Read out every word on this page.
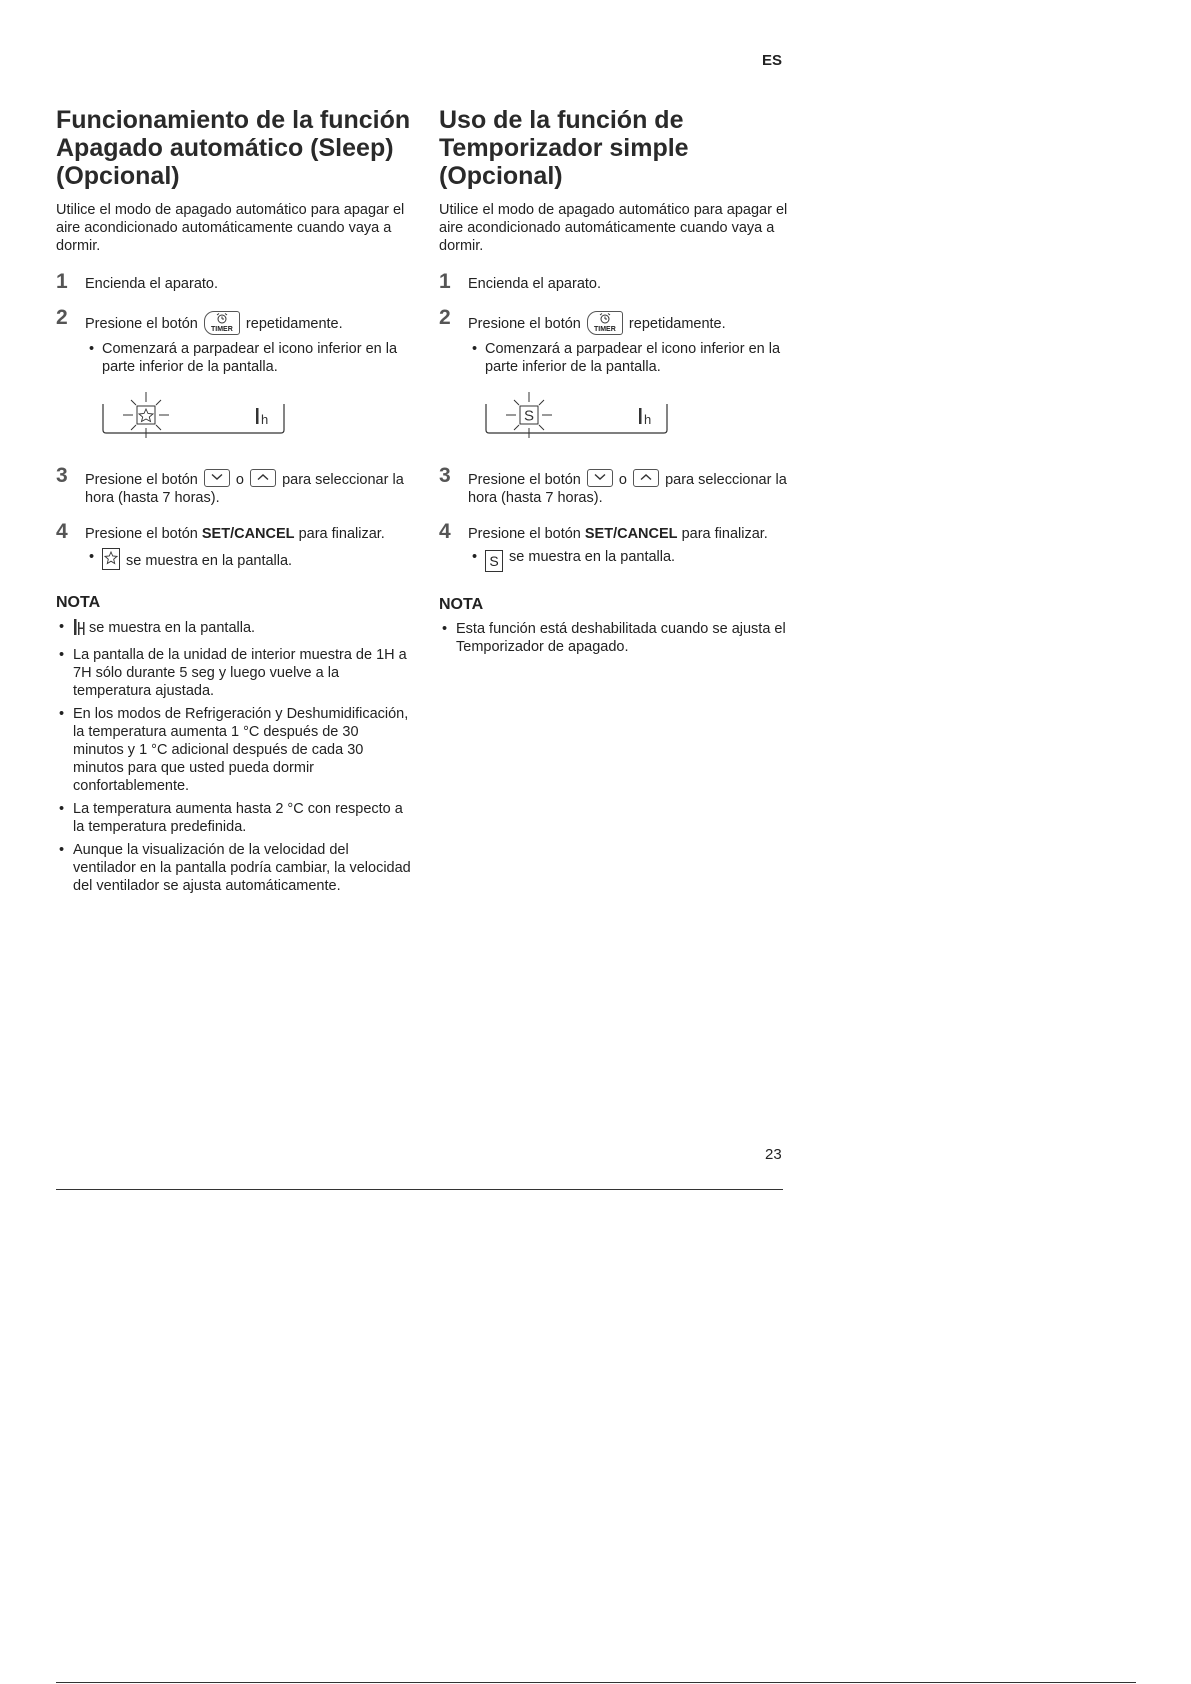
ES
Funcionamiento de la función Apagado automático (Sleep) (Opcional)

Utilice el modo de apagado automático para apagar el aire acondicionado automáticamente cuando vaya a dormir.

1 Encienda el aparato.
2 Presione el botón	TIMER repetidamente.
• Comenzará a parpadear el icono inferior en la parte inferior de la pantalla.
h
3 Presione el botón	o	para seleccionar la hora (hasta 7 horas).
4 Presione el botón SET/CANCEL para finalizar.
• se muestra en la pantalla.
NOTA
• se muestra en la pantalla.
• La pantalla de la unidad de interior muestra de 1H a 7H sólo durante 5 seg y luego vuelve a la temperatura ajustada.
• En los modos de Refrigeración y Deshumidificación, la temperatura aumenta 1 °C después de 30 minutos y 1 °C adicional después de cada 30 minutos para que usted pueda dormir confortablemente.
• La temperatura aumenta hasta 2 °C con respecto a la temperatura predefinida.
• Aunque la visualización de la velocidad del ventilador en la pantalla podría cambiar, la velocidad del ventilador se ajusta automáticamente.
Uso de la función de Temporizador simple (Opcional)

Utilice el modo de apagado automático para apagar el aire acondicionado automáticamente cuando vaya a dormir.

1 Encienda el aparato.
2 Presione el botón	TIMER repetidamente.
• Comenzará a parpadear el icono inferior en la parte inferior de la pantalla.
S	h
3 Presione el botón	o	para seleccionar la hora (hasta 7 horas).
4 Presione el botón SET/CANCEL para finalizar.
• S se muestra en la pantalla.
NOTA
• Esta función está deshabilitada cuando se ajusta el Temporizador de apagado.
23
